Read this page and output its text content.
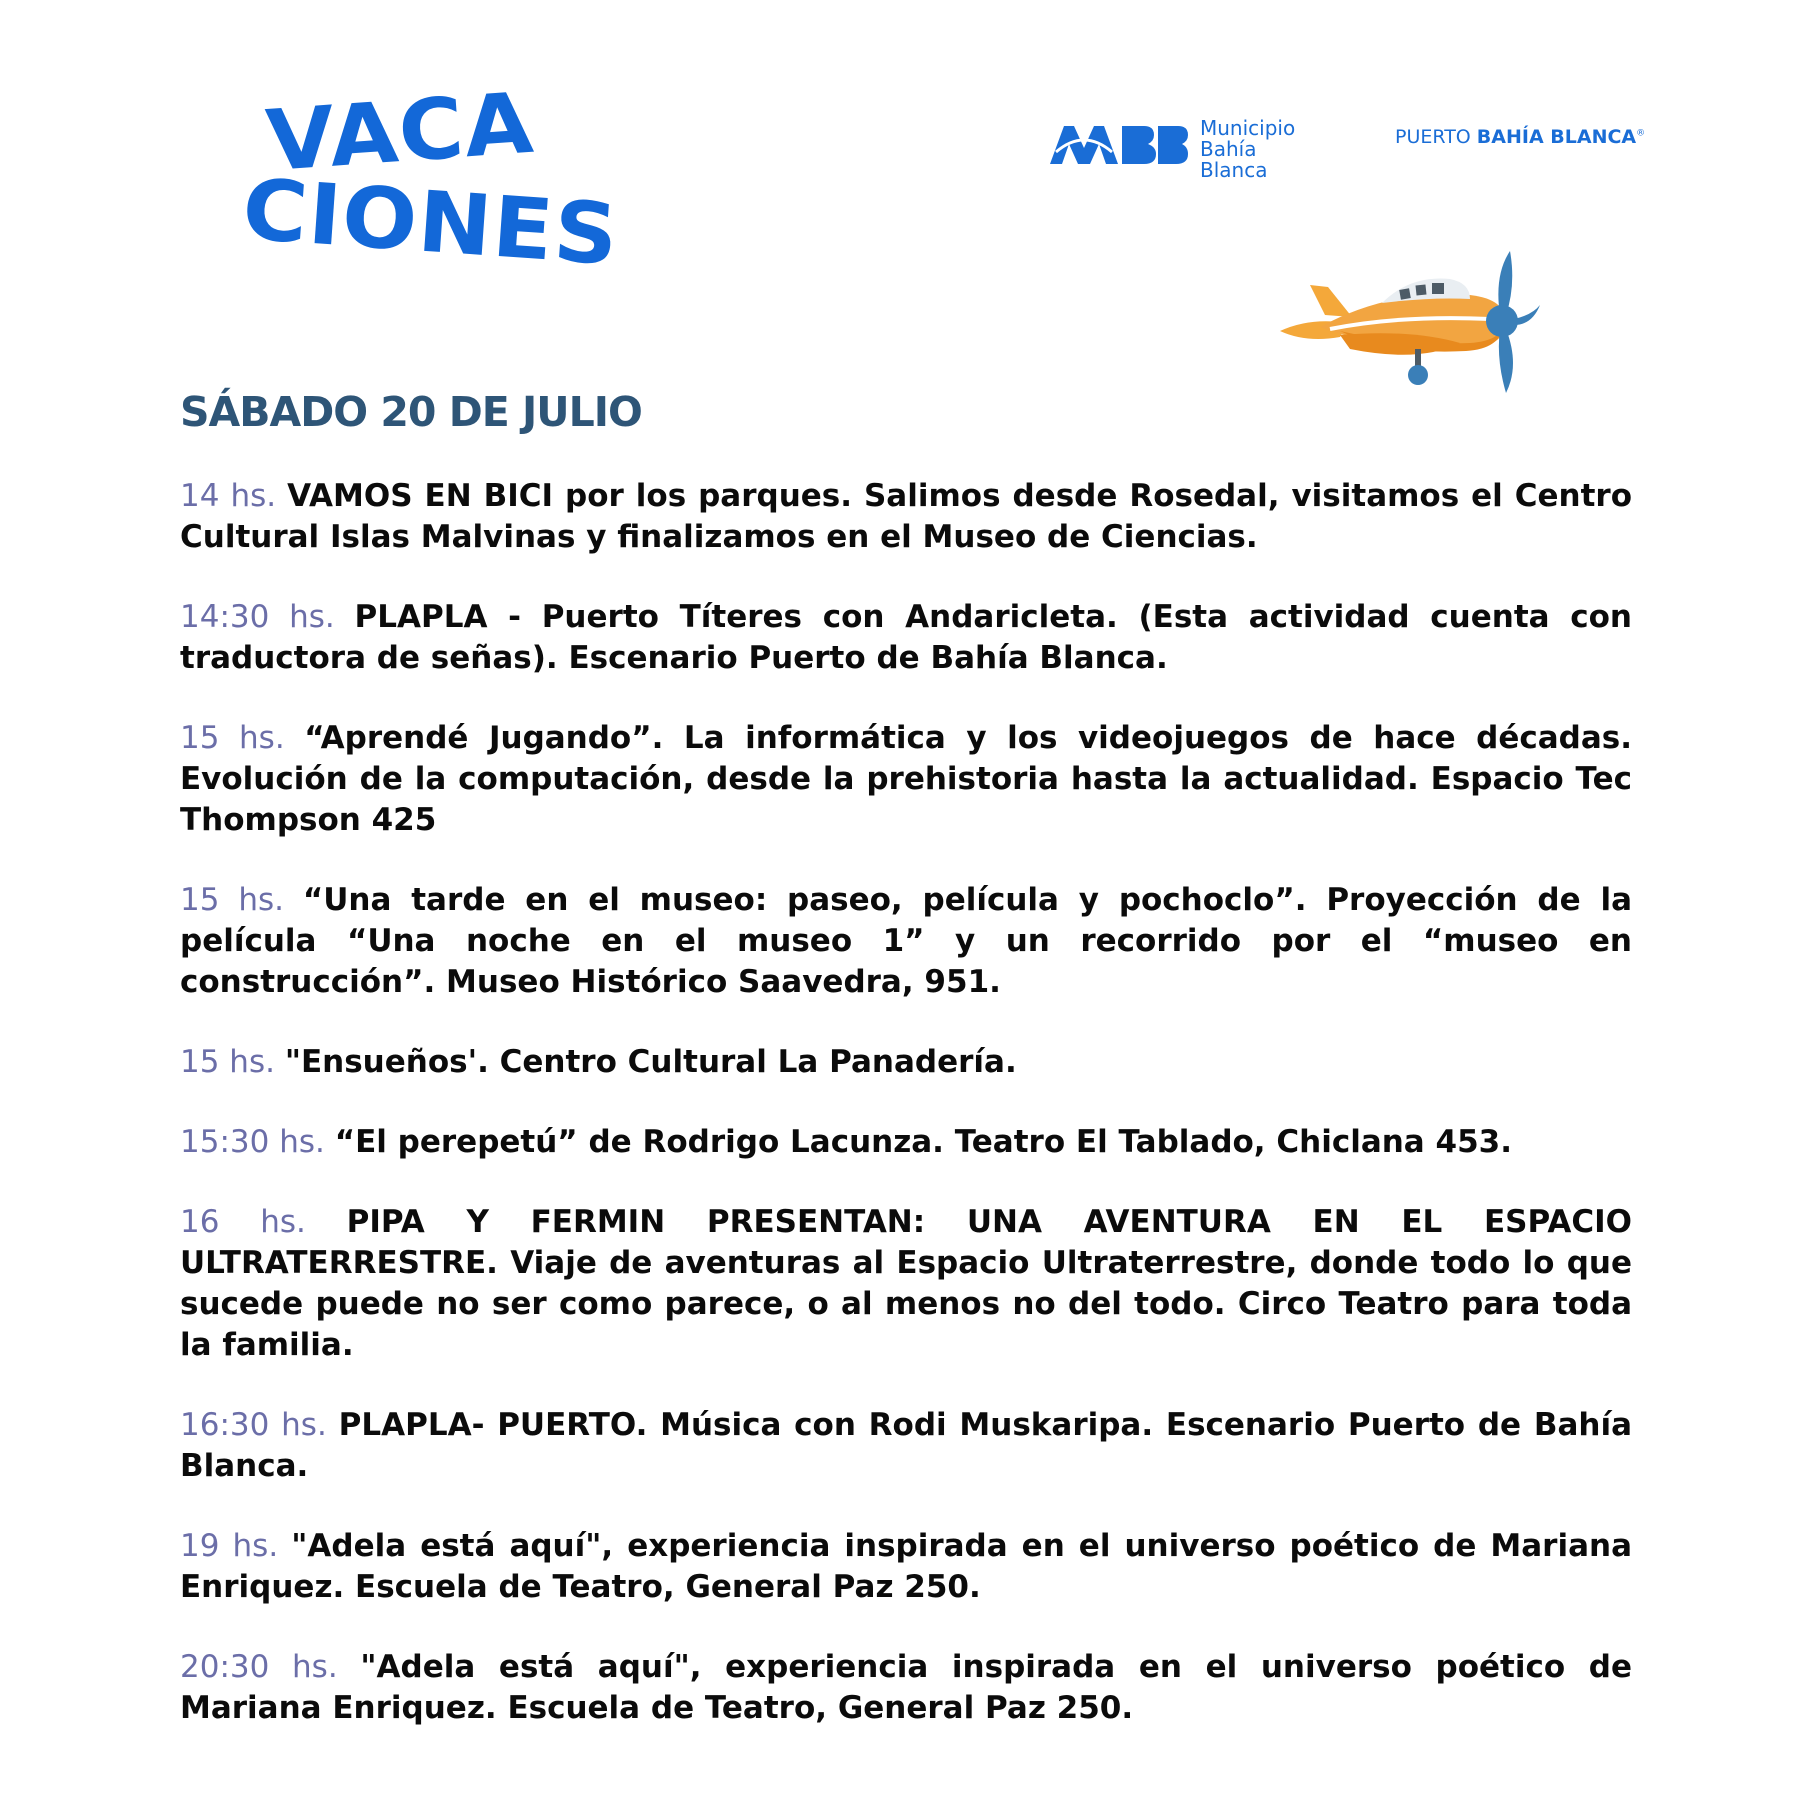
VACA
CIONES
Municipio
Bahía
Blanca
PUERTO BAHÍA BLANCA®
SÁBADO 20 DE JULIO

14 hs. VAMOS EN BICI por los parques. Salimos desde Rosedal, visitamos el Centro Cultural Islas Malvinas y finalizamos en el Museo de Ciencias.

14:30 hs. PLAPLA - Puerto Títeres con Andaricleta. (Esta actividad cuenta con traductora de señas). Escenario Puerto de Bahía Blanca.

15 hs. “Aprendé Jugando”. La informática y los videojuegos de hace décadas. Evolución de la computación, desde la prehistoria hasta la actualidad. Espacio Tec Thompson 425

15 hs. “Una tarde en el museo: paseo, película y pochoclo”. Proyección de la película “Una noche en el museo 1” y un recorrido por el “museo en construcción”. Museo Histórico Saavedra, 951.

15 hs. "Ensueños'. Centro Cultural La Panadería.

15:30 hs. “El perepetú” de Rodrigo Lacunza. Teatro El Tablado, Chiclana 453.

16 hs. PIPA Y FERMIN PRESENTAN: UNA AVENTURA EN EL ESPACIO ULTRATERRESTRE. Viaje de aventuras al Espacio Ultraterrestre, donde todo lo que sucede puede no ser como parece, o al menos no del todo. Circo Teatro para toda la familia.

16:30 hs. PLAPLA- PUERTO. Música con Rodi Muskaripa. Escenario Puerto de Bahía Blanca.

19 hs. "Adela está aquí", experiencia inspirada en el universo poético de Mariana Enriquez. Escuela de Teatro, General Paz 250.

20:30 hs. "Adela está aquí", experiencia inspirada en el universo poético de Mariana Enriquez. Escuela de Teatro, General Paz 250.
